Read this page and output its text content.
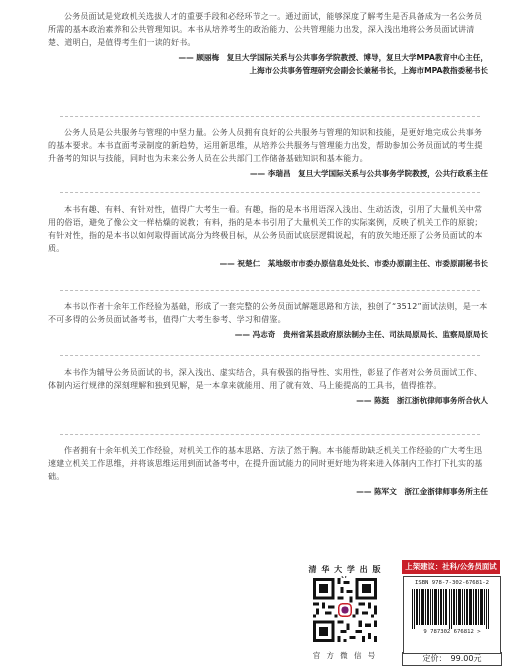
公务员面试是党政机关选拔人才的重要手段和必经环节之一。通过面试，能够深度了解考生是否具备成为一名公务员所需的基本政治素养和公共管理知识。本书从培养考生的政治能力、公共管理能力出发，深入浅出地将公务员面试讲清楚、道明白，是值得考生们一读的好书。

—— 顾丽梅　复旦大学国际关系与公共事务学院教授、博导，复旦大学MPA教育中心主任，

上海市公共事务管理研究会副会长兼秘书长，上海市MPA教指委秘书长

公务人员是公共服务与管理的中坚力量。公务人员拥有良好的公共服务与管理的知识和技能，是更好地完成公共事务的基本要求。本书直面考录制度的新趋势，运用新思维，从培养公共服务与管理能力出发，帮助参加公务员面试的考生提升备考的知识与技能，同时也为未来公务人员在公共部门工作储备基础知识和基本能力。

—— 李瑞昌　复旦大学国际关系与公共事务学院教授，公共行政系主任

本书有趣、有料、有针对性，值得广大考生一看。有趣，指的是本书用语深入浅出、生动活泼，引用了大量机关中常用的俗语，避免了像公文一样枯燥的说教；有料，指的是本书引用了大量机关工作的实际案例，反映了机关工作的原貌；有针对性，指的是本书以如何取得面试高分为终极目标，从公务员面试底层逻辑说起，有的放矢地还原了公务员面试的本质。

—— 祝楚仁　某地级市市委办原信息处处长、市委办原副主任、市委原副秘书长

本书以作者十余年工作经验为基础，形成了一套完整的公务员面试解题思路和方法，独创了“3512”面试法则，是一本不可多得的公务员面试备考书，值得广大考生参考、学习和借鉴。

—— 冯志奇　贵州省某县政府原法制办主任、司法局原局长、监察局原局长

本书作为辅导公务员面试的书，深入浅出、虚实结合，具有极强的指导性、实用性，彰显了作者对公务员面试工作、体制内运行规律的深刻理解和独到见解，是一本拿来就能用、用了就有效、马上能提高的工具书，值得推荐。

—— 陈挺　浙江浙杭律师事务所合伙人

作者拥有十余年机关工作经验，对机关工作的基本思路、方法了然于胸。本书能帮助缺乏机关工作经验的广大考生迅速建立机关工作思维，并将该思维运用到面试备考中，在提升面试能力的同时更好地为将来进入体制内工作打下扎实的基础。

—— 陈军文　浙江金浙律师事务所主任

上架建议：社科/公务员面试
清 华 大 学 出 版
官 方 微 信 号
ISBN 978-7-302-67681-2
9 787302 676812 >
定价： 99.00元
